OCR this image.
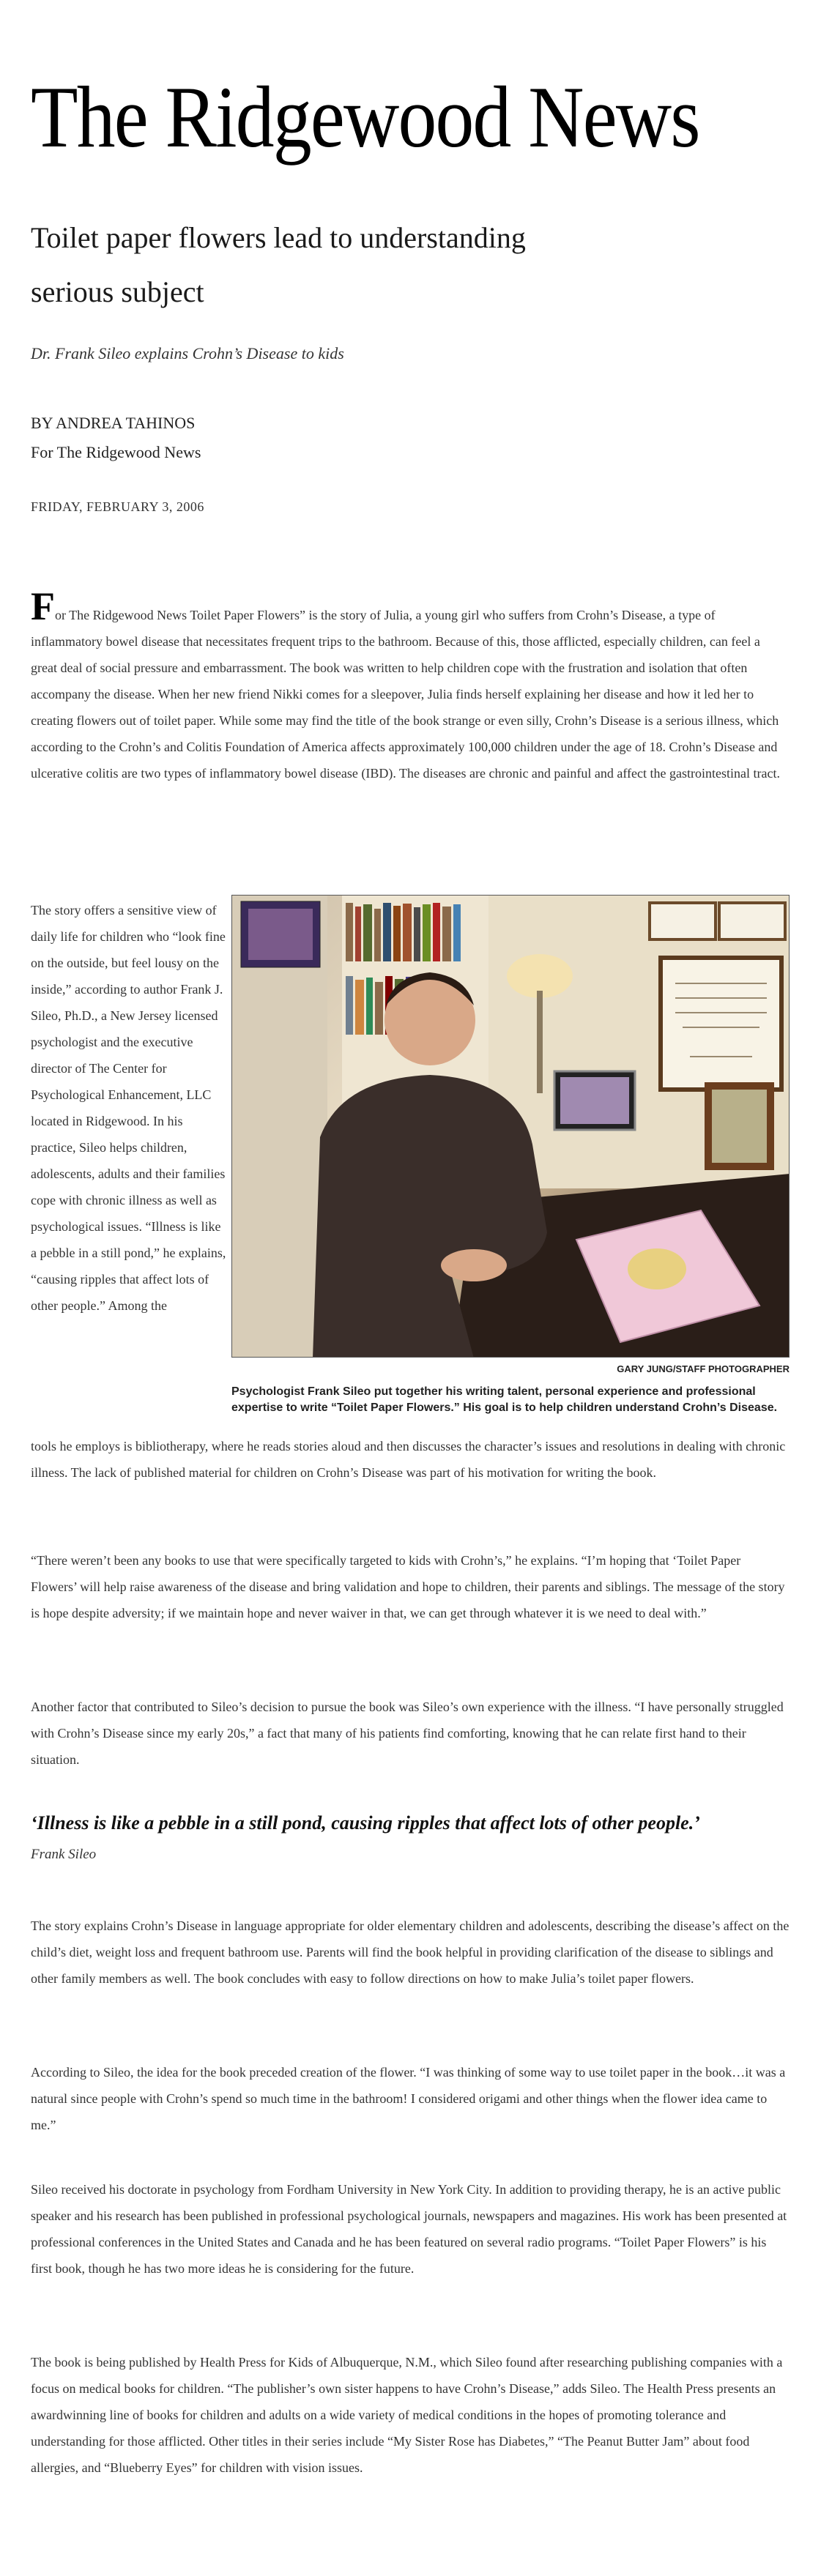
The Ridgewood News
Toilet paper flowers lead to understanding serious subject
Dr. Frank Sileo explains Crohn’s Disease to kids
BY ANDREA TAHINOS
For The Ridgewood News
FRIDAY, FEBRUARY 3, 2006
For The Ridgewood News Toilet Paper Flowers” is the story of Julia, a young girl who suffers from Crohn’s Disease, a type of inflammatory bowel disease that necessitates frequent trips to the bathroom. Because of this, those afflicted, especially children, can feel a great deal of social pressure and embarrassment. The book was written to help children cope with the frustration and isolation that often accompany the disease. When her new friend Nikki comes for a sleepover, Julia finds herself explaining her disease and how it led her to creating flowers out of toilet paper. While some may find the title of the book strange or even silly, Crohn’s Disease is a serious illness, which according to the Crohn’s and Colitis Foundation of America affects approximately 100,000 children under the age of 18. Crohn’s Disease and ulcerative colitis are two types of inflammatory bowel disease (IBD). The diseases are chronic and painful and affect the gastrointestinal tract.
The story offers a sensitive view of daily life for children who “look fine on the outside, but feel lousy on the inside,” according to author Frank J. Sileo, Ph.D., a New Jersey licensed psychologist and the executive director of The Center for Psychological Enhancement, LLC located in Ridgewood. In his practice, Sileo helps children, adolescents, adults and their families cope with chronic illness as well as psychological issues. “Illness is like a pebble in a still pond,” he explains, “causing ripples that affect lots of other people.” Among the
GARY JUNG/STAFF PHOTOGRAPHER
Psychologist Frank Sileo put together his writing talent, personal experience and professional expertise to write “Toilet Paper Flowers.” His goal is to help children understand Crohn’s Disease.
tools he employs is bibliotherapy, where he reads stories aloud and then discusses the character’s issues and resolutions in dealing with chronic illness. The lack of published material for children on Crohn’s Disease was part of his motivation for writing the book.
“There weren’t been any books to use that were specifically targeted to kids with Crohn’s,” he explains. “I’m hoping that ‘Toilet Paper Flowers’ will help raise awareness of the disease and bring validation and hope to children, their parents and siblings. The message of the story is hope despite adversity; if we maintain hope and never waiver in that, we can get through whatever it is we need to deal with.”
Another factor that contributed to Sileo’s decision to pursue the book was Sileo’s own experience with the illness. “I have personally struggled with Crohn’s Disease since my early 20s,” a fact that many of his patients find comforting, knowing that he can relate first hand to their situation.
‘Illness is like a pebble in a still pond, causing ripples that affect lots of other people.’
Frank Sileo
The story explains Crohn’s Disease in language appropriate for older elementary children and adolescents, describing the disease’s affect on the child’s diet, weight loss and frequent bathroom use. Parents will find the book helpful in providing clarification of the disease to siblings and other family members as well. The book concludes with easy to follow directions on how to make Julia’s toilet paper flowers.
According to Sileo, the idea for the book preceded creation of the flower. “I was thinking of some way to use toilet paper in the book…it was a natural since people with Crohn’s spend so much time in the bathroom! I considered origami and other things when the flower idea came to me.”
Sileo received his doctorate in psychology from Fordham University in New York City. In addition to providing therapy, he is an active public speaker and his research has been published in professional psychological journals, newspapers and magazines. His work has been presented at professional conferences in the United States and Canada and he has been featured on several radio programs. “Toilet Paper Flowers” is his first book, though he has two more ideas he is considering for the future.
The book is being published by Health Press for Kids of Albuquerque, N.M., which Sileo found after researching publishing companies with a focus on medical books for children. “The publisher’s own sister happens to have Crohn’s Disease,” adds Sileo. The Health Press presents an awardwinning line of books for children and adults on a wide variety of medical conditions in the hopes of promoting tolerance and understanding for those afflicted. Other titles in their series include “My Sister Rose has Diabetes,” “The Peanut Butter Jam” about food allergies, and “Blueberry Eyes” for children with vision issues.
